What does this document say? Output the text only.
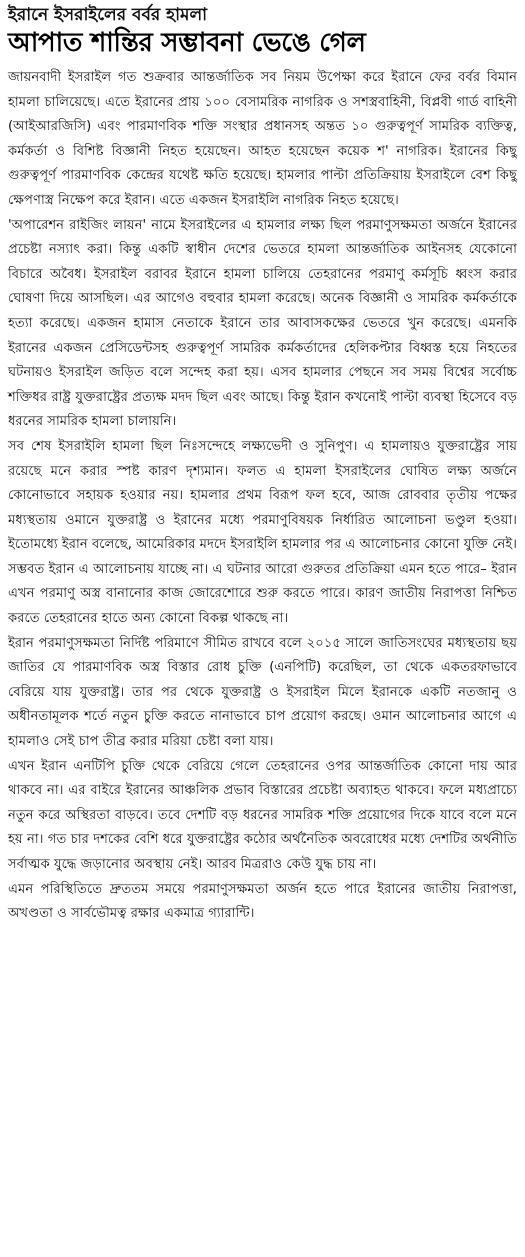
ইরানে ইসরাইলের বর্বর হামলা
আপাত শান্তির সম্ভাবনা ভেঙে গেল

জায়নবাদী ইসরাইল গত শুক্রবার আন্তর্জাতিক সব নিয়ম উপেক্ষা করে ইরানে ফের বর্বর বিমান হামলা চালিয়েছে। এতে ইরানের প্রায় ১০০ বেসামরিক নাগরিক ও সশস্ত্রবাহিনী, বিপ্লবী গার্ড বাহিনী (আইআরজিসি) এবং পারমাণবিক শক্তি সংস্থার প্রধানসহ অন্তত ১০ গুরুত্বপূর্ণ সামরিক ব্যক্তিত্ব, কর্মকর্তা ও বিশিষ্ট বিজ্ঞানী নিহত হয়েছেন। আহত হয়েছেন কয়েক শ' নাগরিক। ইরানের কিছু গুরুত্বপূর্ণ পারমাণবিক কেন্দ্রের যথেষ্ট ক্ষতি হয়েছে। হামলার পাল্টা প্রতিক্রিয়ায় ইসরাইলে বেশ কিছু ক্ষেপণাস্ত্র নিক্ষেপ করে ইরান। এতে একজন ইসরাইলি নাগরিক নিহত হয়েছে।

'অপারেশন রাইজিং লায়ন' নামে ইসরাইলের এ হামলার লক্ষ্য ছিল পরমাণুসক্ষমতা অর্জনে ইরানের প্রচেষ্টা নস্যাৎ করা। কিন্তু একটি স্বাধীন দেশের ভেতরে হামলা আন্তর্জাতিক আইনসহ যেকোনো বিচারে অবৈধ। ইসরাইল বরাবর ইরানে হামলা চালিয়ে তেহরানের পরমাণু কর্মসূচি ধ্বংস করার ঘোষণা দিয়ে আসছিল। এর আগেও বহুবার হামলা করেছে। অনেক বিজ্ঞানী ও সামরিক কর্মকর্তাকে হত্যা করেছে। একজন হামাস নেতাকে ইরানে তার আবাসকক্ষের ভেতরে খুন করেছে। এমনকি ইরানের একজন প্রেসিডেন্টসহ গুরুত্বপূর্ণ সামরিক কর্মকর্তাদের হেলিকপ্টার বিধ্বস্ত হয়ে নিহতের ঘটনায়ও ইসরাইল জড়িত বলে সন্দেহ করা হয়। এসব হামলার পেছনে সব সময় বিশ্বের সর্বোচ্চ শক্তিধর রাষ্ট্র যুক্তরাষ্ট্রের প্রত্যক্ষ মদদ ছিল এবং আছে। কিন্তু ইরান কখনোই পাল্টা ব্যবস্থা হিসেবে বড় ধরনের সামরিক হামলা চালায়নি।

সব শেষ ইসরাইলি হামলা ছিল নিঃসন্দেহে লক্ষ্যভেদী ও সুনিপুণ। এ হামলায়ও যুক্তরাষ্ট্রের সায় রয়েছে মনে করার স্পষ্ট কারণ দৃশ্যমান। ফলত এ হামলা ইসরাইলের ঘোষিত লক্ষ্য অর্জনে কোনোভাবে সহায়ক হওয়ার নয়। হামলার প্রথম বিরূপ ফল হবে, আজ রোববার তৃতীয় পক্ষের মধ্যস্থতায় ওমানে যুক্তরাষ্ট্র ও ইরানের মধ্যে পরমাণুবিষয়ক নির্ধারিত আলোচনা ভণ্ডুল হওয়া। ইতোমধ্যে ইরান বলেছে, আমেরিকার মদদে ইসরাইলি হামলার পর এ আলোচনার কোনো যুক্তি নেই। সম্ভবত ইরান এ আলোচনায় যাচ্ছে না। এ ঘটনার আরো গুরুতর প্রতিক্রিয়া এমন হতে পারে– ইরান এখন পরমাণু অস্ত্র বানানোর কাজ জোরেশোরে শুরু করতে পারে। কারণ জাতীয় নিরাপত্তা নিশ্চিত করতে তেহরানের হাতে অন্য কোনো বিকল্প থাকছে না।

ইরান পরমাণুসক্ষমতা নির্দিষ্ট পরিমাণে সীমিত রাখবে বলে ২০১৫ সালে জাতিসংঘের মধ্যস্থতায় ছয় জাতির যে পারমাণবিক অস্ত্র বিস্তার রোধ চুক্তি (এনপিটি) করেছিল, তা থেকে একতরফাভাবে বেরিয়ে যায় যুক্তরাষ্ট্র। তার পর থেকে যুক্তরাষ্ট্র ও ইসরাইল মিলে ইরানকে একটি নতজানু ও অধীনতামূলক শর্তে নতুন চুক্তি করতে নানাভাবে চাপ প্রয়োগ করছে। ওমান আলোচনার আগে এ হামলাও সেই চাপ তীব্র করার মরিয়া চেষ্টা বলা যায়।

এখন ইরান এনটিপি চুক্তি থেকে বেরিয়ে গেলে তেহরানের ওপর আন্তর্জাতিক কোনো দায় আর থাকবে না। এর বাইরে ইরানের আঞ্চলিক প্রভাব বিস্তারের প্রচেষ্টা অব্যাহত থাকবে। ফলে মধ্যপ্রাচ্যে নতুন করে অস্থিরতা বাড়বে। তবে দেশটি বড় ধরনের সামরিক শক্তি প্রয়োগের দিকে যাবে বলে মনে হয় না। গত চার দশকের বেশি ধরে যুক্তরাষ্ট্রের কঠোর অর্থনৈতিক অবরোধের মধ্যে দেশটির অর্থনীতি সর্বাত্মক যুদ্ধে জড়ানোর অবস্থায় নেই। আরব মিত্ররাও কেউ যুদ্ধ চায় না।

এমন পরিস্থিতিতে দ্রুততম সময়ে পরমাণুসক্ষমতা অর্জন হতে পারে ইরানের জাতীয় নিরাপত্তা, অখণ্ডতা ও সার্বভৌমত্ব রক্ষার একমাত্র গ্যারান্টি।
